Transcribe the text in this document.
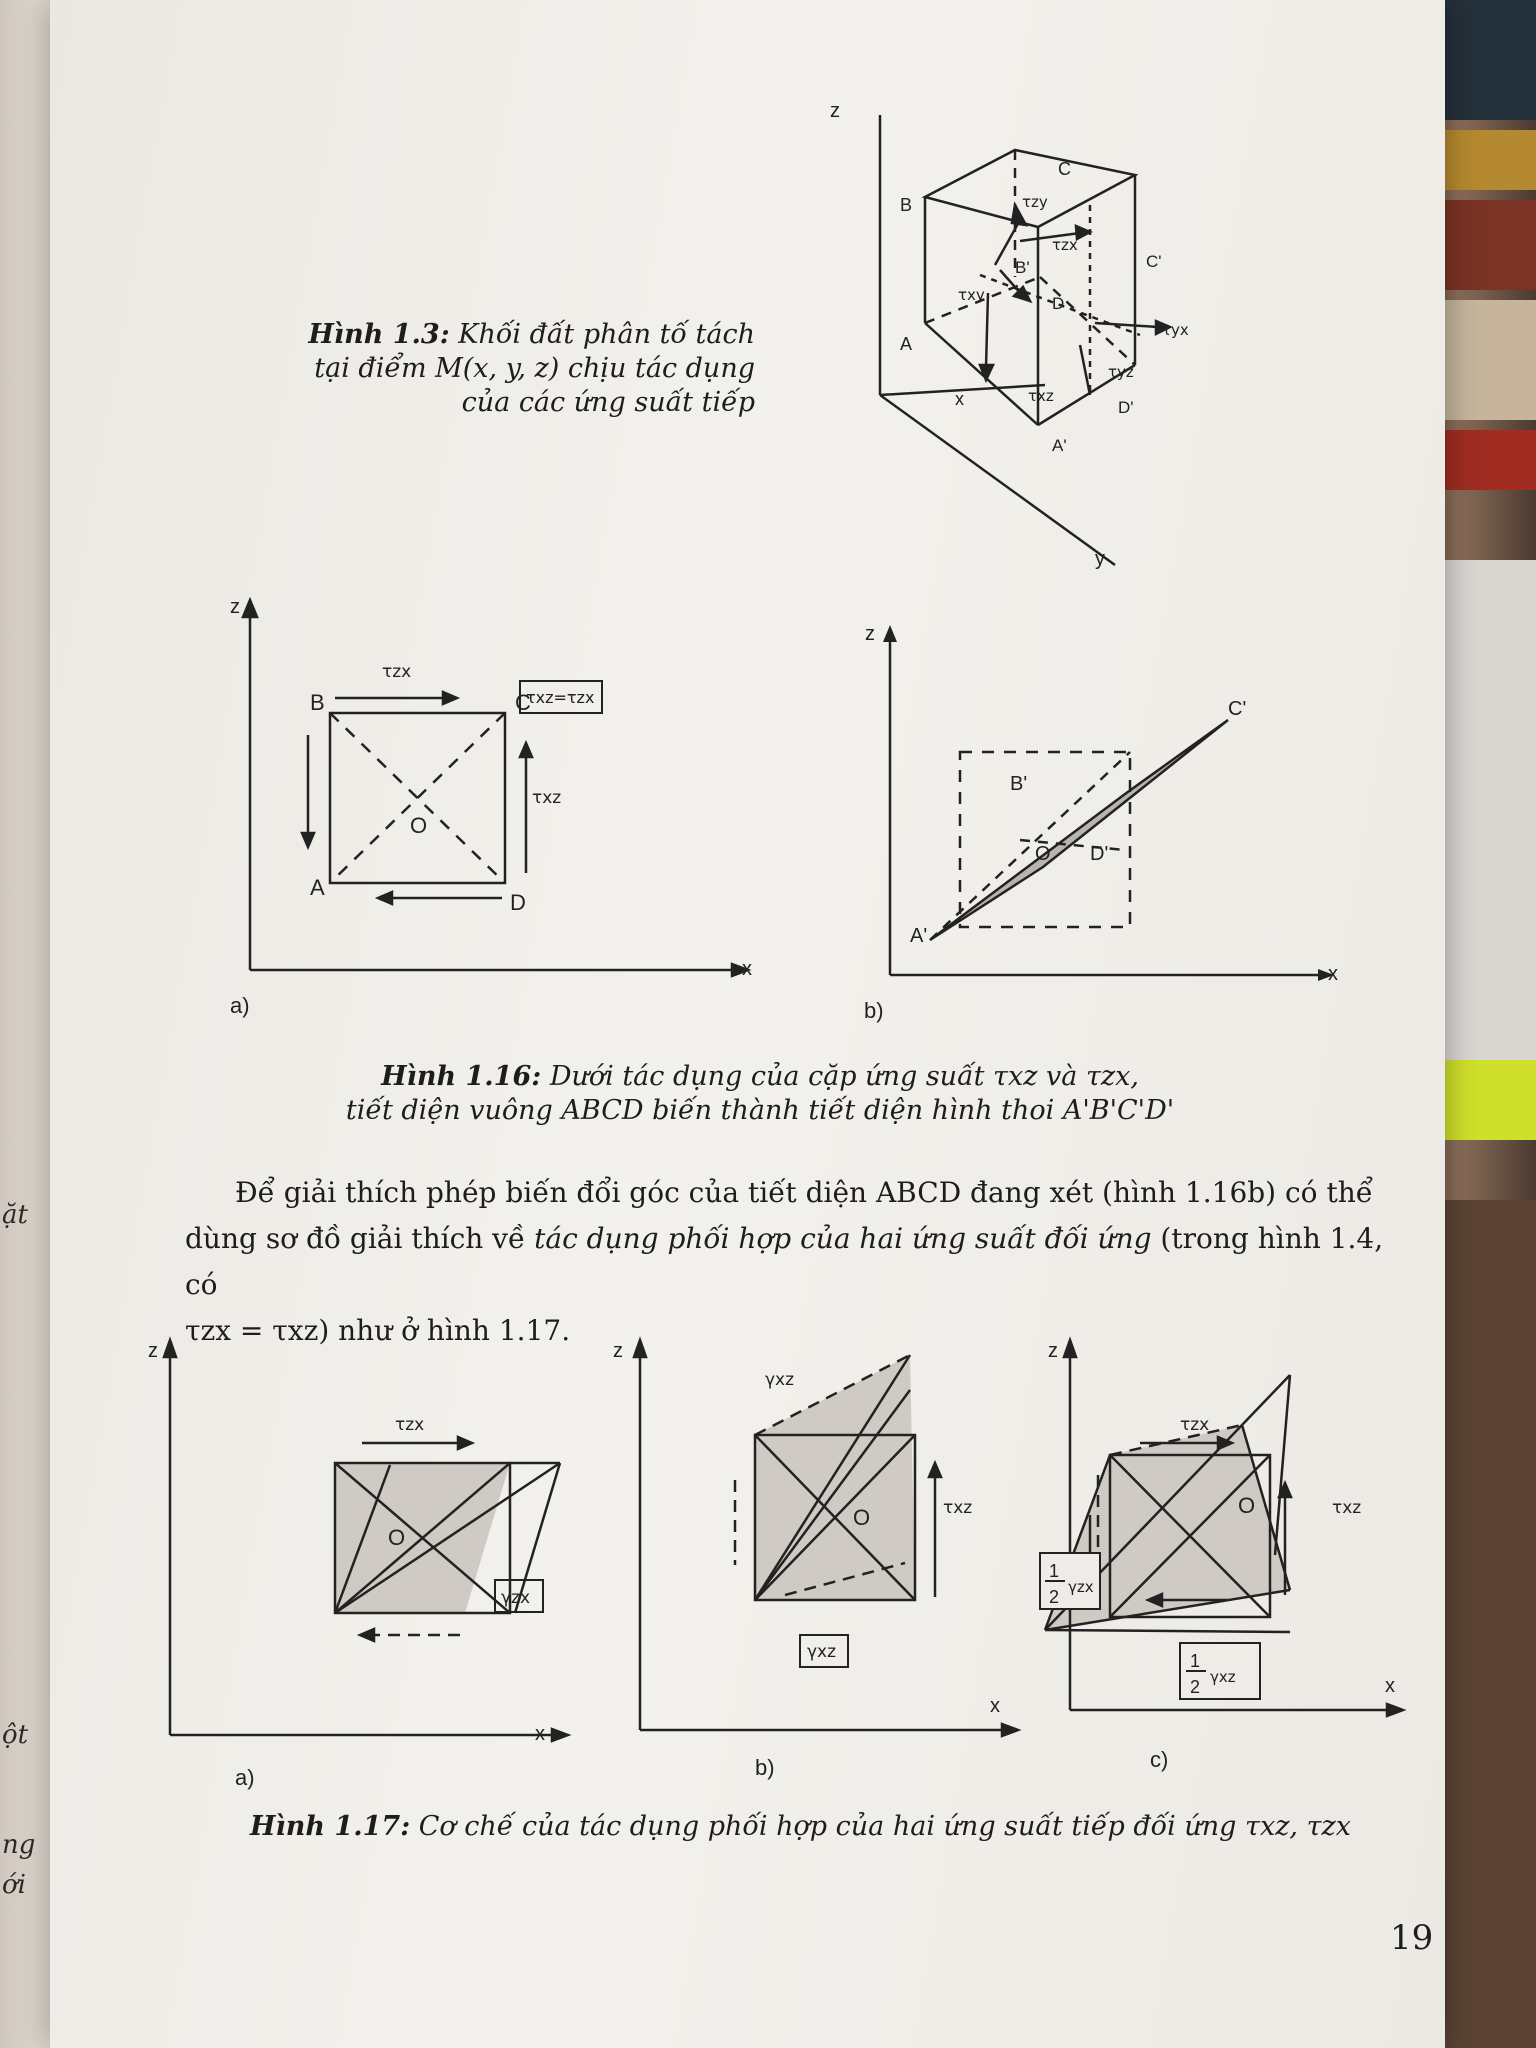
ặt
ột
ng
ới
Hình 1.3: Khối đất phân tố tách
tại điểm M(x, y, z) chịu tác dụng
của các ứng suất tiếp
z
x
y
B
C
B'	C'
A
D'
D
A'
τzy
τzx
τxy
τyx
τyz
τxz
z
x
B	C
A
D
O
τzx
τxz
τxz=τzx
a)
z
x
C'
B'
O D'
A'
b)
Hình 1.16: Dưới tác dụng của cặp ứng suất τxz và τzx,
tiết diện vuông ABCD biến thành tiết diện hình thoi A'B'C'D'
Để giải thích phép biến đổi góc của tiết diện ABCD đang xét (hình 1.16b) có thể
dùng sơ đồ giải thích về tác dụng phối hợp của hai ứng suất đối ứng (trong hình 1.4, có
τzx = τxz) như ở hình 1.17.
z
x
τzx
O
γzx
a)
z
x
γxz
τxz
O
γxz
b)
z
x
τzx
τxz
O
1
2 γzx
1
2 γxz
c)
Hình 1.17: Cơ chế của tác dụng phối hợp của hai ứng suất tiếp đối ứng τxz, τzx
19
